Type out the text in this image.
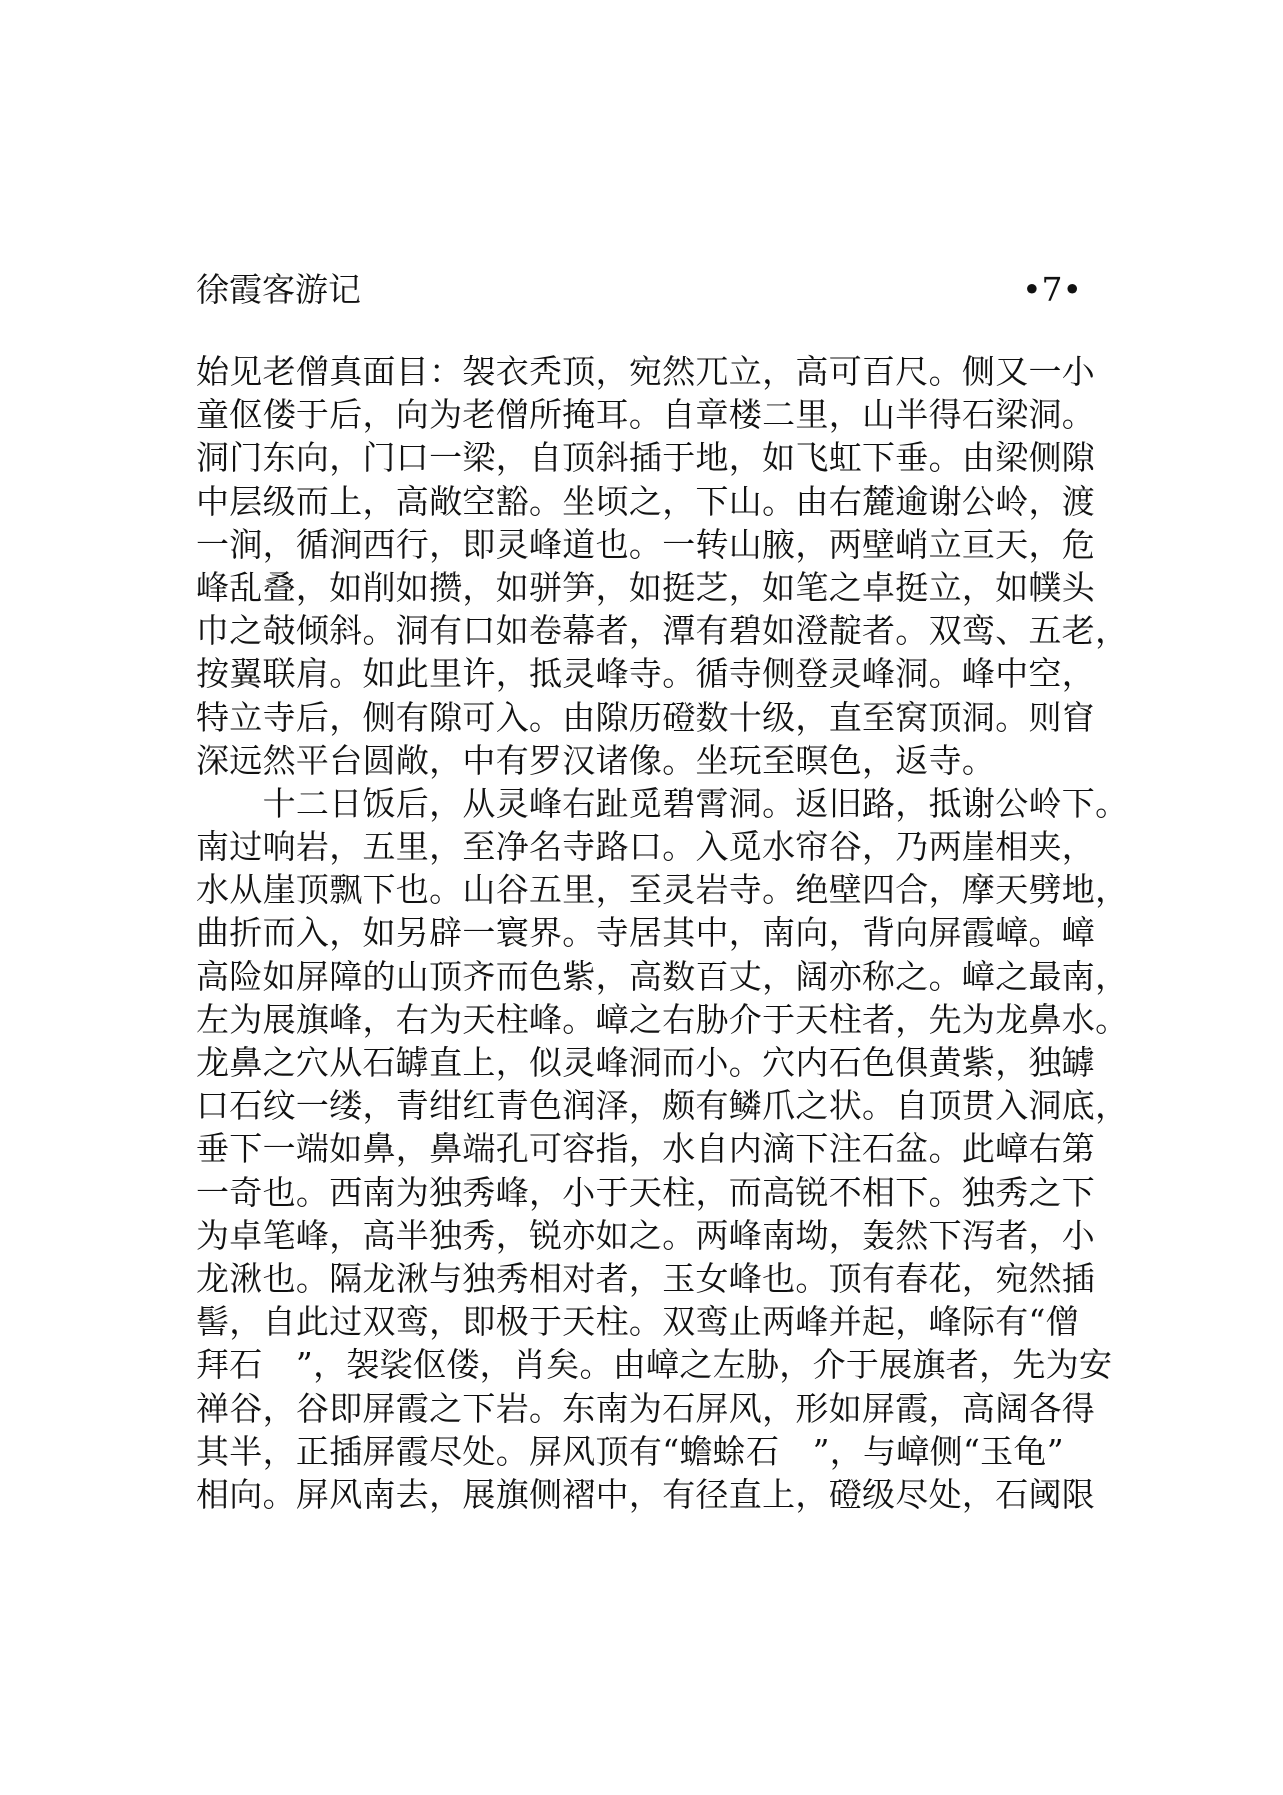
徐霞客游记	•7•
始见老僧真面目：袈衣秃顶，宛然兀立，高可百尺。侧又一小
童伛偻于后，向为老僧所掩耳。自章楼二里，山半得石梁洞。
洞门东向，门口一梁，自顶斜插于地，如飞虹下垂。由梁侧隙
中层级而上，高敞空豁。坐顷之，下山。由右麓逾谢公岭，渡
一涧，循涧西行，即灵峰道也。一转山腋，两壁峭立亘天，危
峰乱叠，如削如攒，如骈笋，如挺芝，如笔之卓挺立，如幞头
巾之攲倾斜。洞有口如卷幕者，潭有碧如澄靛者。双鸾、五老，
按翼联肩。如此里许，抵灵峰寺。循寺侧登灵峰洞。峰中空，
特立寺后，侧有隙可入。由隙历磴数十级，直至窝顶洞。则窅
深远然平台圆敞，中有罗汉诸像。坐玩至暝色，返寺。
　　十二日饭后，从灵峰右趾觅碧霄洞。返旧路，抵谢公岭下。
南过响岩，五里，至净名寺路口。入觅水帘谷，乃两崖相夹，
水从崖顶飘下也。山谷五里，至灵岩寺。绝壁四合，摩天劈地，
曲折而入，如另辟一寰界。寺居其中，南向，背向屏霞嶂。嶂
高险如屏障的山顶齐而色紫，高数百丈，阔亦称之。嶂之最南，
左为展旗峰，右为天柱峰。嶂之右胁介于天柱者，先为龙鼻水。
龙鼻之穴从石罅直上，似灵峰洞而小。穴内石色俱黄紫，独罅
口石纹一缕，青绀红青色润泽，颇有鳞爪之状。自顶贯入洞底，
垂下一端如鼻，鼻端孔可容指，水自内滴下注石盆。此嶂右第
一奇也。西南为独秀峰，小于天柱，而高锐不相下。独秀之下
为卓笔峰，高半独秀，锐亦如之。两峰南坳，轰然下泻者，小
龙湫也。隔龙湫与独秀相对者，玉女峰也。顶有春花，宛然插
髻，自此过双鸾，即极于天柱。双鸾止两峰并起，峰际有“僧
拜石　”，袈裟伛偻，肖矣。由嶂之左胁，介于展旗者，先为安
禅谷，谷即屏霞之下岩。东南为石屏风，形如屏霞，高阔各得
其半，正插屏霞尽处。屏风顶有“蟾蜍石　”，与嶂侧“玉龟”
相向。屏风南去，展旗侧褶中，有径直上，磴级尽处，石阈限
